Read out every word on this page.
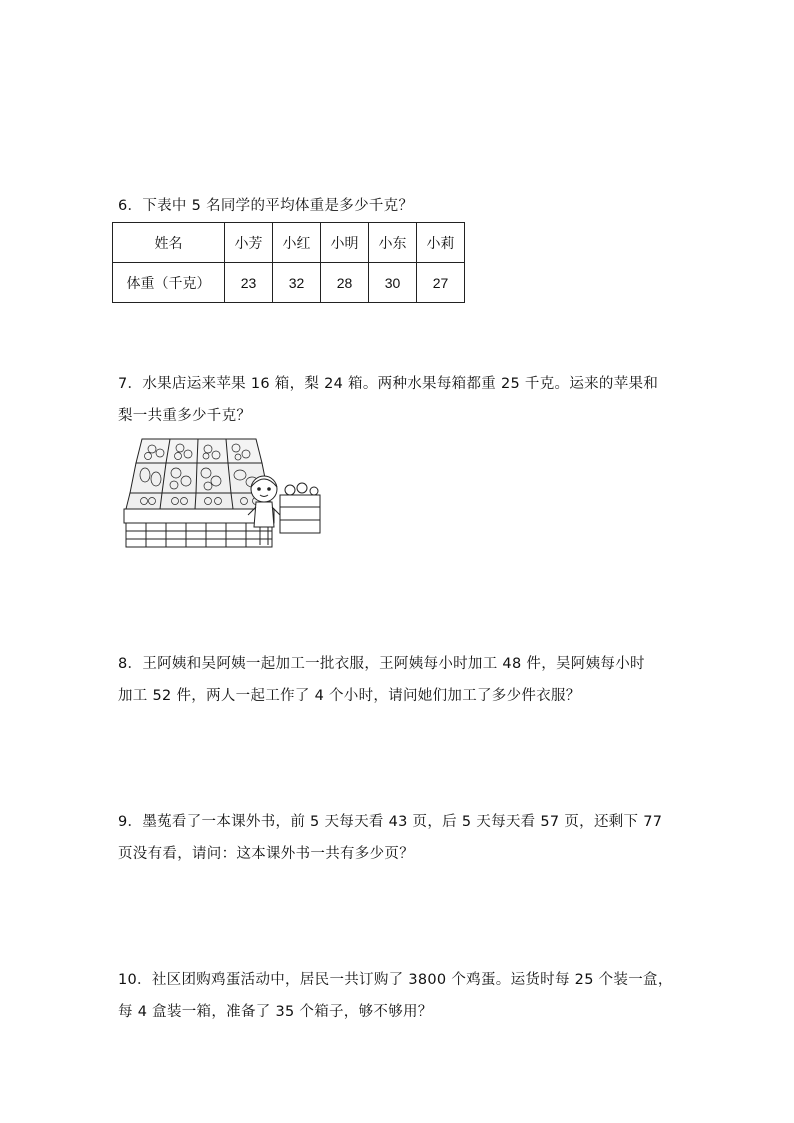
6．下表中 5 名同学的平均体重是多少千克？

姓名	小芳	小红	小明	小东	小莉
体重（千克）	23	32	28	30	27

7．水果店运来苹果 16 箱，梨 24 箱。两种水果每箱都重 25 千克。运来的苹果和

梨一共重多少千克？

8．王阿姨和吴阿姨一起加工一批衣服，王阿姨每小时加工 48 件，吴阿姨每小时

加工 52 件，两人一起工作了 4 个小时，请问她们加工了多少件衣服？

9．墨菟看了一本课外书，前 5 天每天看 43 页，后 5 天每天看 57 页，还剩下 77

页没有看，请问：这本课外书一共有多少页？

10．社区团购鸡蛋活动中，居民一共订购了 3800 个鸡蛋。运货时每 25 个装一盒，

每 4 盒装一箱，准备了 35 个箱子，够不够用？
